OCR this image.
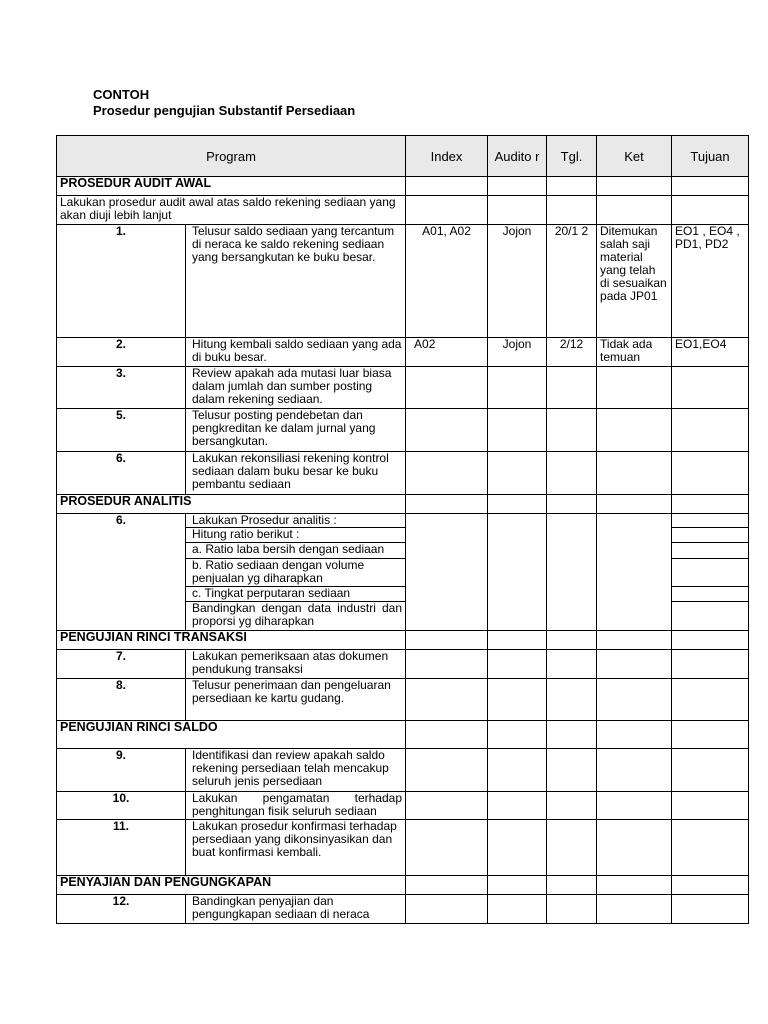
CONTOH
Prosedur pengujian Substantif Persediaan
Program		Index	Audito r	Tgl.	Ket	Tujuan
PROSEDUR AUDIT AWAL						
Lakukan prosedur audit awal atas saldo rekening sediaan yang akan diuji lebih lanjut						
1.	Telusur saldo sediaan yang tercantum di neraca ke saldo rekening sediaan yang bersangkutan ke buku besar.	A01, A02	Jojon	20/1 2	Ditemukan salah saji material yang telah di sesuaikan pada JP01	EO1 , EO4 , PD1, PD2
2.	Hitung kembali saldo sediaan yang ada di buku besar.	A02	Jojon	2/12	Tidak ada temuan	EO1,EO4
3.	Review apakah ada mutasi luar biasa dalam jumlah dan sumber posting dalam rekening sediaan.					
5.	Telusur posting pendebetan dan pengkreditan ke dalam jurnal yang bersangkutan.					
6.	Lakukan rekonsiliasi rekening kontrol sediaan dalam buku besar ke buku pembantu sediaan					
PROSEDUR ANALITIS						
6.	Lakukan Prosedur analitis :					
	Hitung ratio berikut :					
	a. Ratio laba bersih dengan sediaan					
	b. Ratio sediaan dengan volume penjualan yg diharapkan					
	c. Tingkat perputaran sediaan					
	Bandingkan dengan data industri dan proporsi yg diharapkan					
PENGUJIAN RINCI TRANSAKSI						
7.	Lakukan pemeriksaan atas dokumen pendukung transaksi					
8.	Telusur penerimaan dan pengeluaran persediaan ke kartu gudang.					
PENGUJIAN RINCI SALDO						
9.	Identifikasi dan review apakah saldo rekening persediaan telah mencakup seluruh jenis persediaan					
10.	Lakukan pengamatan terhadap penghitungan fisik seluruh sediaan					
11.	Lakukan prosedur konfirmasi terhadap persediaan yang dikonsinyasikan dan buat konfirmasi kembali.					
PENYAJIAN DAN PENGUNGKAPAN						
12.	Bandingkan penyajian dan pengungkapan sediaan di neraca					
